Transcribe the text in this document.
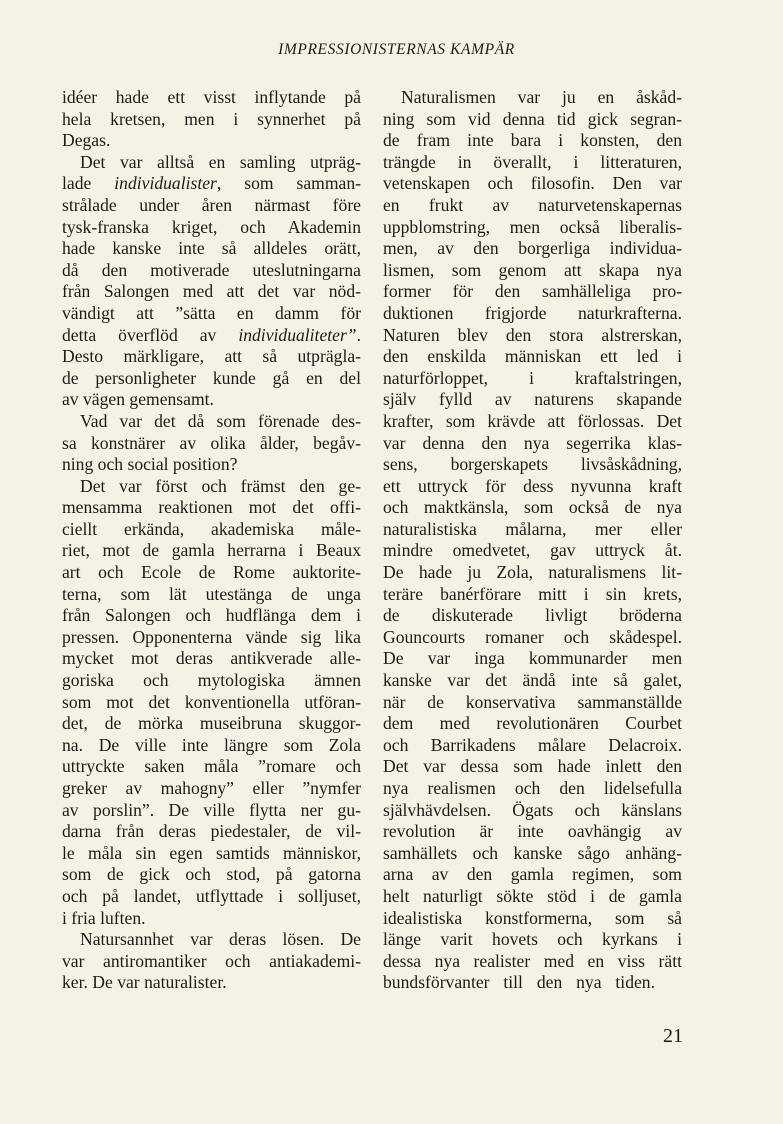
IMPRESSIONISTERNAS KAMPÄR
idéer hade ett visst inflytande på
hela kretsen, men i synnerhet på
Degas.
Det var alltså en samling utpräg-
lade individualister, som samman-
strålade under åren närmast före
tysk-franska kriget, och Akademin
hade kanske inte så alldeles orätt,
då den motiverade uteslutningarna
från Salongen med att det var nöd-
vändigt att ”sätta en damm för
detta överflöd av individualiteter”.
Desto märkligare, att så utprägla-
de personligheter kunde gå en del
av vägen gemensamt.
Vad var det då som förenade des-
sa konstnärer av olika ålder, begåv-
ning och social position?
Det var först och främst den ge-
mensamma reaktionen mot det offi-
ciellt erkända, akademiska måle-
riet, mot de gamla herrarna i Beaux
art och Ecole de Rome auktorite-
terna, som lät utestänga de unga
från Salongen och hudflänga dem i
pressen. Opponenterna vände sig lika
mycket mot deras antikverade alle-
goriska och mytologiska ämnen
som mot det konventionella utföran-
det, de mörka museibruna skuggor-
na. De ville inte längre som Zola
uttryckte saken måla ”romare och
greker av mahogny” eller ”nymfer
av porslin”. De ville flytta ner gu-
darna från deras piedestaler, de vil-
le måla sin egen samtids människor,
som de gick och stod, på gatorna
och på landet, utflyttade i solljuset,
i fria luften.
Natursannhet var deras lösen. De
var antiromantiker och antiakademi-
ker. De var naturalister.
Naturalismen var ju en åskåd-
ning som vid denna tid gick segran-
de fram inte bara i konsten, den
trängde in överallt, i litteraturen,
vetenskapen och filosofin. Den var
en frukt av naturvetenskapernas
uppblomstring, men också liberalis-
men, av den borgerliga individua-
lismen, som genom att skapa nya
former för den samhälleliga pro-
duktionen frigjorde naturkrafterna.
Naturen blev den stora alstrerskan,
den enskilda människan ett led i
naturförloppet, i kraftalstringen,
själv fylld av naturens skapande
krafter, som krävde att förlossas. Det
var denna den nya segerrika klas-
sens, borgerskapets livsåskådning,
ett uttryck för dess nyvunna kraft
och maktkänsla, som också de nya
naturalistiska målarna, mer eller
mindre omedvetet, gav uttryck åt.
De hade ju Zola, naturalismens lit-
teräre banérförare mitt i sin krets,
de diskuterade livligt bröderna
Gouncourts romaner och skådespel.
De var inga kommunarder men
kanske var det ändå inte så galet,
när de konservativa sammanställde
dem med revolutionären Courbet
och Barrikadens målare Delacroix.
Det var dessa som hade inlett den
nya realismen och den lidelsefulla
självhävdelsen. Ögats och känslans
revolution är inte oavhängig av
samhällets och kanske sågo anhäng-
arna av den gamla regimen, som
helt naturligt sökte stöd i de gamla
idealistiska konstformerna, som så
länge varit hovets och kyrkans i
dessa nya realister med en viss rätt
bundsförvanter till den nya tiden.
21
